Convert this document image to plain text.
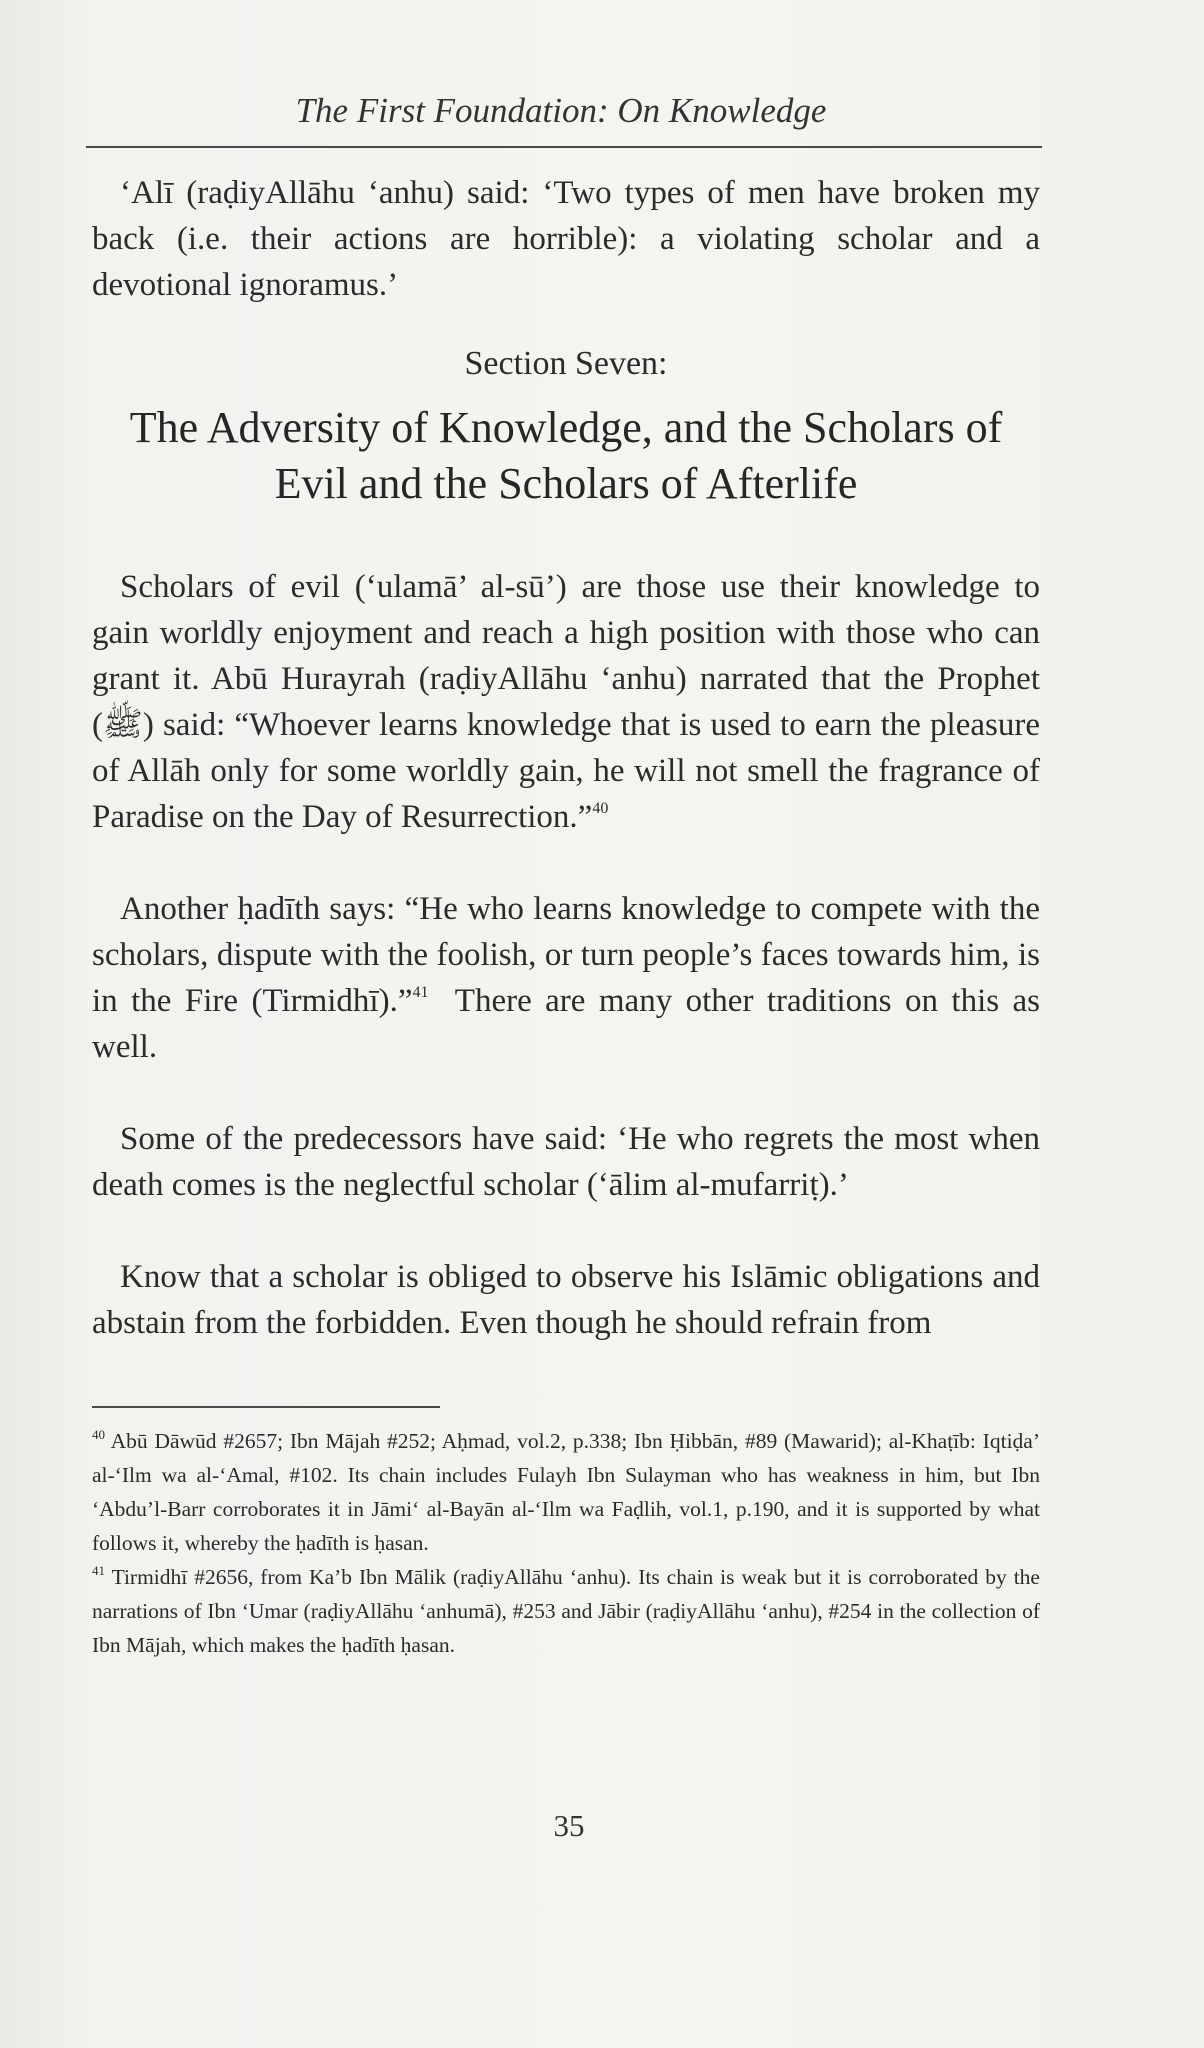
The First Foundation: On Knowledge

‘Alī (raḍiyAllāhu ‘anhu) said: ‘Two types of men have broken my back (i.e. their actions are horrible): a violating scholar and a devotional ignoramus.’

Section Seven:
The Adversity of Knowledge, and the Scholars of
Evil and the Scholars of Afterlife

Scholars of evil (‘ulamā’ al-sū’) are those use their knowledge to gain worldly enjoyment and reach a high position with those who can grant it. Abū Hurayrah (raḍiyAllāhu ‘anhu) narrated that the Prophet (ﷺ) said: “Whoever learns knowledge that is used to earn the pleasure of Allāh only for some worldly gain, he will not smell the fragrance of Paradise on the Day of Resurrection.”$^{40}$

Another ḥadīth says: “He who learns knowledge to compete with the scholars, dispute with the foolish, or turn people’s faces towards him, is in the Fire (Tirmidhī).”$^{41}$ There are many other traditions on this as well.

Some of the predecessors have said: ‘He who regrets the most when death comes is the neglectful scholar (‘ālim al-mufarriṭ).’

Know that a scholar is obliged to observe his Islāmic obligations and abstain from the forbidden. Even though he should refrain from

$^{40}$ Abū Dāwūd #2657; Ibn Mājah #252; Aḥmad, vol.2, p.338; Ibn Ḥibbān, #89 (Mawarid); al-Khaṭīb: Iqtiḍa’ al-‘Ilm wa al-‘Amal, #102. Its chain includes Fulayh Ibn Sulayman who has weakness in him, but Ibn ‘Abdu’l-Barr corroborates it in Jāmi‘ al-Bayān al-‘Ilm wa Faḍlih, vol.1, p.190, and it is supported by what follows it, whereby the ḥadīth is ḥasan.

$^{41}$ Tirmidhī #2656, from Ka’b Ibn Mālik (raḍiyAllāhu ‘anhu). Its chain is weak but it is corroborated by the narrations of Ibn ‘Umar (raḍiyAllāhu ‘anhumā), #253 and Jābir (raḍiyAllāhu ‘anhu), #254 in the collection of Ibn Mājah, which makes the ḥadīth ḥasan.

35
